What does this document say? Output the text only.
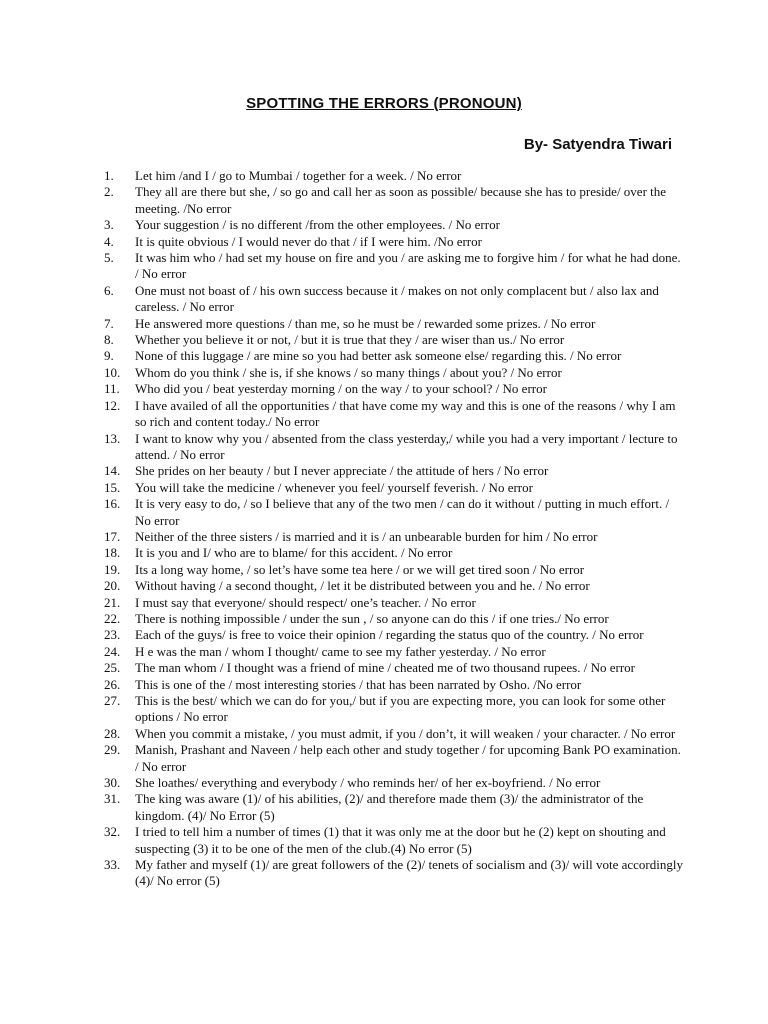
SPOTTING THE ERRORS (PRONOUN)
By- Satyendra Tiwari
1.	Let him /and I / go to Mumbai / together for a week. / No error
2.	They all are there but she, / so go and call her as soon as possible/ because she has to preside/ over the meeting. /No error
3.	Your suggestion / is no different /from the other employees. / No error
4.	It is quite obvious / I would never do that / if I were him. /No error
5.	It was him who / had set my house on fire and you / are asking me to forgive him / for what he had done. / No error
6.	One must not boast of / his own success because it / makes on not only complacent but / also lax and careless. / No error
7.	He answered more questions / than me, so he must be / rewarded some prizes. / No error
8.	Whether you believe it or not, / but it is true that they / are wiser than us./ No error
9.	None of this luggage / are mine so you had better ask someone else/ regarding this. / No error
10.	Whom do you think / she is, if she knows / so many things / about you? / No error
11.	Who did you / beat yesterday morning / on the way / to your school? / No error
12.	I have availed of all the opportunities / that have come my way and this is one of the reasons / why I am so rich and content today./ No error
13.	I want to know why you / absented from the class yesterday,/ while you had a very important / lecture to attend. / No error
14.	She prides on her beauty / but I never appreciate / the attitude of hers / No error
15.	You will take the medicine / whenever you feel/ yourself feverish. / No error
16.	It is very easy to do, / so I believe that any of the two men / can do it without / putting in much effort. / No error
17.	Neither of the three sisters / is married and it is / an unbearable burden for him / No error
18.	It is you and I/ who are to blame/ for this accident. / No error
19.	Its a long way home, / so let’s have some tea here / or we will get tired soon / No error
20.	Without having / a second thought, / let it be distributed between you and he. / No error
21.	I must say that everyone/ should respect/ one’s teacher. / No error
22.	There is nothing impossible / under the sun , / so anyone can do this / if one tries./ No error
23.	Each of the guys/ is free to voice their opinion / regarding the status quo of the country. / No error
24.	H e was the man / whom I thought/ came to see my father yesterday. / No error
25.	The man whom / I thought was a friend of mine / cheated me of two thousand rupees. / No error
26.	This is one of the / most interesting stories / that has been narrated by Osho. /No error
27.	This is the best/ which we can do for you,/ but if you are expecting more, you can look for some other options / No error
28.	When you commit a mistake, / you must admit, if you / don’t, it will weaken / your character. / No error
29.	Manish, Prashant and Naveen / help each other and study together / for upcoming Bank PO examination. / No error
30.	She loathes/ everything and everybody / who reminds her/ of her ex-boyfriend. / No error
31.	The king was aware (1)/ of his abilities, (2)/ and therefore made them (3)/ the administrator of the kingdom. (4)/ No Error (5)
32.	I tried to tell him a number of times (1) that it was only me at the door but he (2) kept on shouting and suspecting (3) it to be one of the men of the club.(4) No error (5)
33.	My father and myself (1)/ are great followers of the (2)/ tenets of socialism and (3)/ will vote accordingly (4)/ No error (5)
